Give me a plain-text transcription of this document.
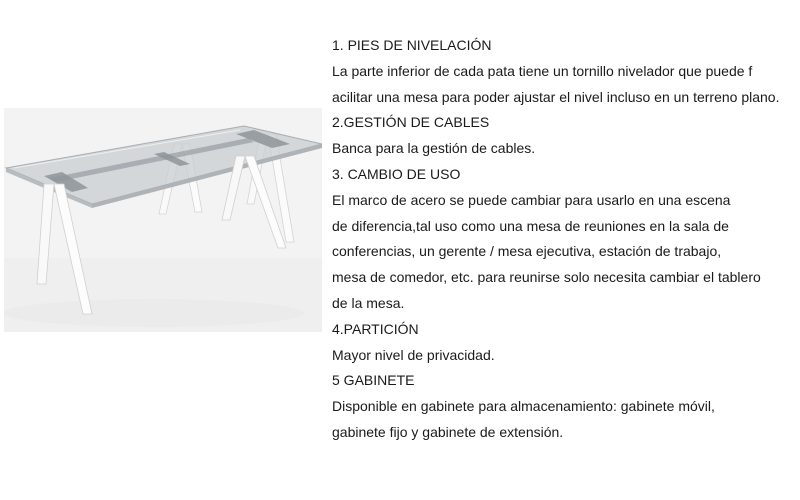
1. PIES DE NIVELACIÓN
La parte inferior de cada pata tiene un tornillo nivelador que puede f
acilitar una mesa para poder ajustar el nivel incluso en un terreno plano.
2.GESTIÓN DE CABLES
Banca para la gestión de cables.
3. CAMBIO DE USO
El marco de acero se puede cambiar para usarlo en una escena
de diferencia,tal uso como una mesa de reuniones en la sala de
conferencias, un gerente / mesa ejecutiva, estación de trabajo,
mesa de comedor, etc. para reunirse solo necesita cambiar el tablero
de la mesa.
4.PARTICIÓN
Mayor nivel de privacidad.
5 GABINETE
Disponible en gabinete para almacenamiento: gabinete móvil,
gabinete fijo y gabinete de extensión.
